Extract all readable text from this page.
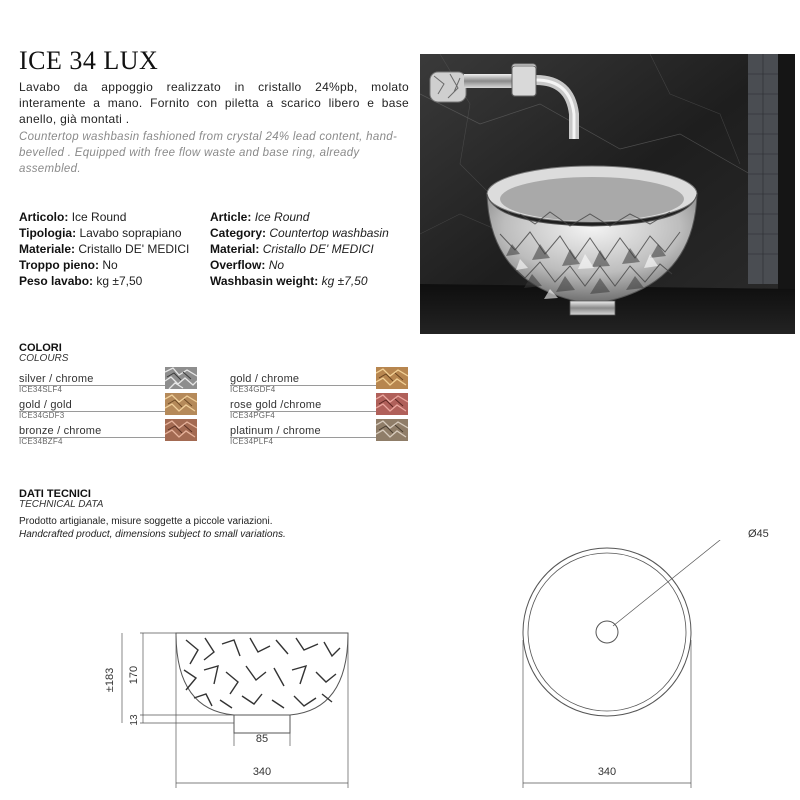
ICE 34 LUX
Lavabo da appoggio realizzato in cristallo 24%pb, molato interamente a mano. Fornito con piletta a scarico libero e base anello, già montati .
Countertop washbasin fashioned from crystal 24% lead content, hand-bevelled . Equipped with free flow waste and base ring, already assembled.
Articolo: Ice Round
Tipologia: Lavabo soprapiano
Materiale: Cristallo DE' MEDICI
Troppo pieno: No
Peso lavabo: kg ±7,50
Article: Ice Round
Category: Countertop washbasin
Material: Cristallo DE' MEDICI
Overflow: No
Washbasin weight: kg ±7,50
COLORI
COLOURS
silver / chrome
ICE34SLF4
gold / gold
ICE34GDF3
bronze / chrome
ICE34BZF4
gold / chrome
ICE34GDF4
rose gold /chrome
ICE34PGF4
platinum / chrome
ICE34PLF4
DATI TECNICI
TECHNICAL DATA
Prodotto artigianale, misure soggette a piccole variazioni.
Handcrafted product, dimensions subject to small variations.
±183 170
13
85
340	340
Ø45
